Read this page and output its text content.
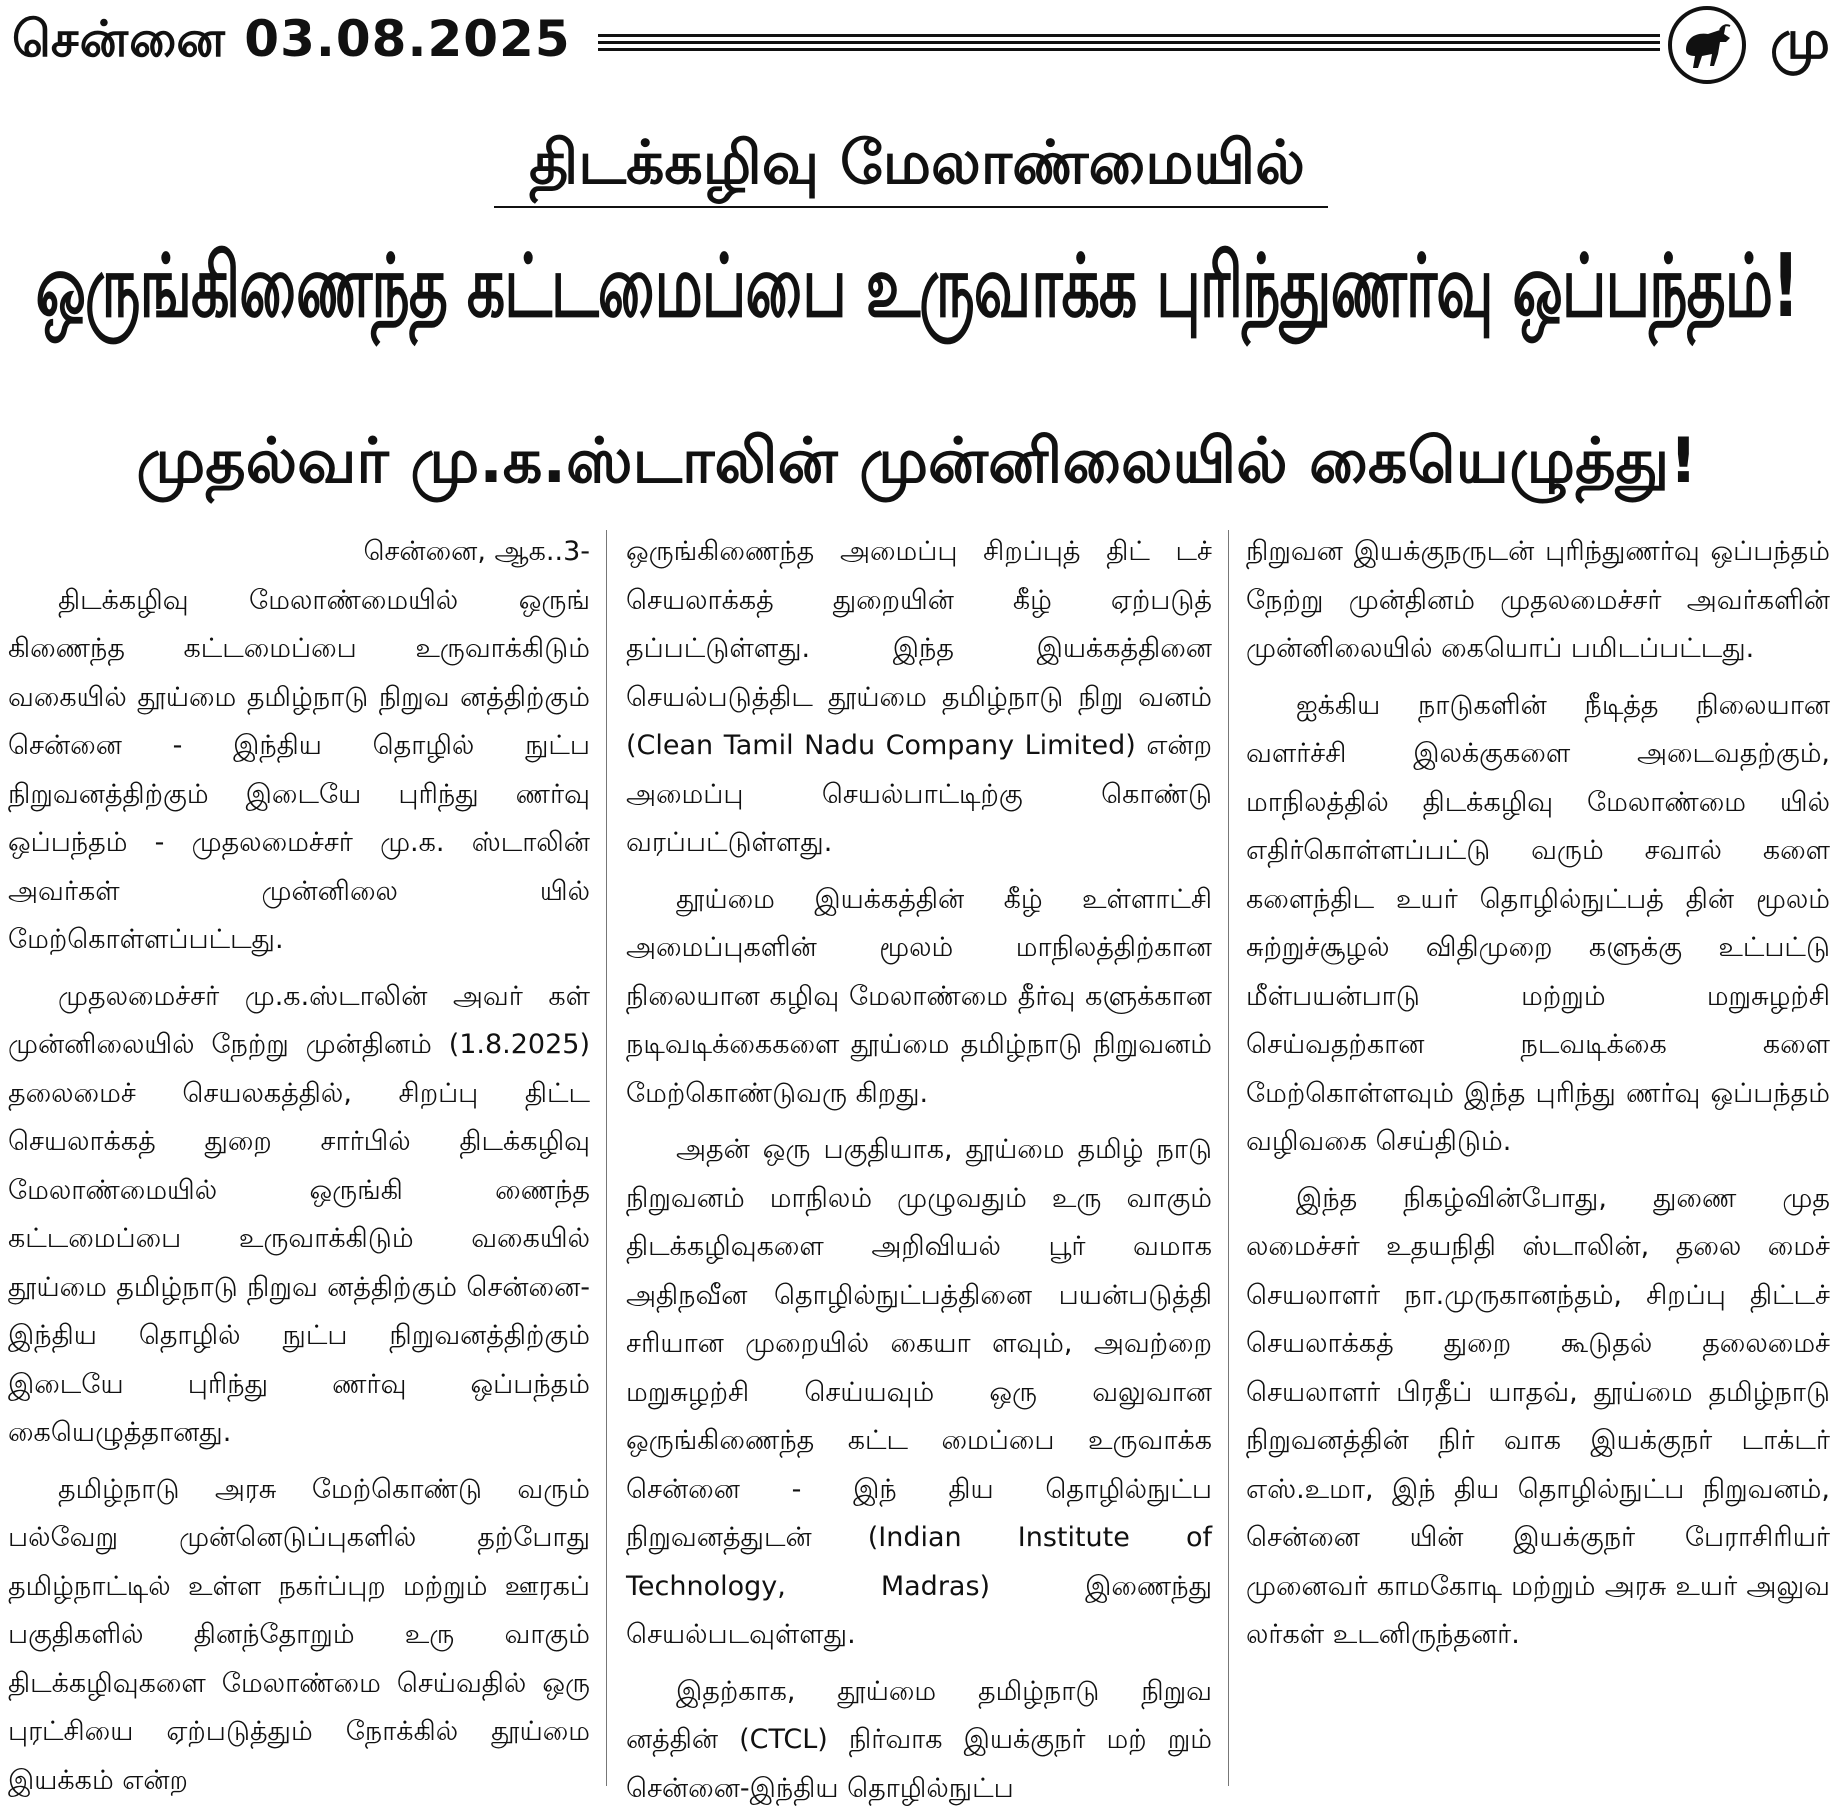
சென்னை 03.08.2025	மு
திடக்கழிவு மேலாண்மையில்
ஒருங்கிணைந்த கட்டமைப்பை உருவாக்க புரிந்துணர்வு ஒப்பந்தம்!
முதல்வர் மு.க.ஸ்டாலின் முன்னிலையில் கையெழுத்து!

சென்னை, ஆக..3-

திடக்கழிவு மேலாண்மையில் ஒருங் கிணைந்த கட்டமைப்பை உருவாக்கிடும் வகையில் தூய்மை தமிழ்நாடு நிறுவ னத்திற்கும் சென்னை - இந்திய தொழில் நுட்ப நிறுவனத்திற்கும் இடையே புரிந்து ணர்வு ஒப்பந்தம் - முதலமைச்சர் மு.க. ஸ்டாலின் அவர்கள் முன்னிலை யில் மேற்கொள்ளப்பட்டது.

முதலமைச்சர் மு.க.ஸ்டாலின் அவர் கள் முன்னிலையில் நேற்று முன்தினம் (1.8.2025) தலைமைச் செயலகத்தில், சிறப்பு திட்ட செயலாக்கத் துறை சார்பில் திடக்கழிவு மேலாண்மையில் ஒருங்கி ணைந்த கட்டமைப்பை உருவாக்கிடும் வகையில் தூய்மை தமிழ்நாடு நிறுவ னத்திற்கும் சென்னை-இந்திய தொழில் நுட்ப நிறுவனத்திற்கும் இடையே புரிந்து ணர்வு ஒப்பந்தம் கையெழுத்தானது.

தமிழ்நாடு அரசு மேற்கொண்டு வரும் பல்வேறு முன்னெடுப்புகளில் தற்போது தமிழ்நாட்டில் உள்ள நகர்ப்புற மற்றும் ஊரகப் பகுதிகளில் தினந்தோறும் உரு வாகும் திடக்கழிவுகளை மேலாண்மை செய்வதில் ஒரு புரட்சியை ஏற்படுத்தும் நோக்கில் தூய்மை இயக்கம் என்ற

ஒருங்கிணைந்த அமைப்பு சிறப்புத் திட் டச் செயலாக்கத் துறையின் கீழ் ஏற்படுத் தப்பட்டுள்ளது. இந்த இயக்கத்தினை செயல்படுத்திட தூய்மை தமிழ்நாடு நிறு வனம் (Clean Tamil Nadu Company Limited) என்ற அமைப்பு செயல்பாட்டிற்கு கொண்டு வரப்பட்டுள்ளது.

தூய்மை இயக்கத்தின் கீழ் உள்ளாட்சி அமைப்புகளின் மூலம் மாநிலத்திற்கான நிலையான கழிவு மேலாண்மை தீர்வு களுக்கான நடிவடிக்கைகளை தூய்மை தமிழ்நாடு நிறுவனம் மேற்கொண்டுவரு கிறது.

அதன் ஒரு பகுதியாக, தூய்மை தமிழ் நாடு நிறுவனம் மாநிலம் முழுவதும் உரு வாகும் திடக்கழிவுகளை அறிவியல் பூர் வமாக அதிநவீன தொழில்நுட்பத்தினை பயன்படுத்தி சரியான முறையில் கையா ளவும், அவற்றை மறுசுழற்சி செய்யவும் ஒரு வலுவான ஒருங்கிணைந்த கட்ட மைப்பை உருவாக்க சென்னை - இந் திய தொழில்நுட்ப நிறுவனத்துடன் (Indian Institute of Technology, Madras) இணைந்து செயல்படவுள்ளது.

இதற்காக, தூய்மை தமிழ்நாடு நிறுவ னத்தின் (CTCL) நிர்வாக இயக்குநர் மற் றும் சென்னை-இந்திய தொழில்நுட்ப

நிறுவன இயக்குநருடன் புரிந்துணர்வு ஒப்பந்தம் நேற்று முன்தினம் முதலமைச்சர் அவர்களின் முன்னிலையில் கையொப் பமிடப்பட்டது.

ஐக்கிய நாடுகளின் நீடித்த நிலையான வளர்ச்சி இலக்குகளை அடைவதற்கும், மாநிலத்தில் திடக்கழிவு மேலாண்மை யில் எதிர்கொள்ளப்பட்டு வரும் சவால் களை களைந்திட உயர் தொழில்நுட்பத் தின் மூலம் சுற்றுச்சூழல் விதிமுறை களுக்கு உட்பட்டு மீள்பயன்பாடு மற்றும் மறுசுழற்சி செய்வதற்கான நடவடிக்கை களை மேற்கொள்ளவும் இந்த புரிந்து ணர்வு ஒப்பந்தம் வழிவகை செய்திடும்.

இந்த நிகழ்வின்போது, துணை முத லமைச்சர் உதயநிதி ஸ்டாலின், தலை மைச் செயலாளர் நா.முருகானந்தம், சிறப்பு திட்டச் செயலாக்கத் துறை கூடுதல் தலைமைச் செயலாளர் பிரதீப் யாதவ், தூய்மை தமிழ்நாடு நிறுவனத்தின் நிர் வாக இயக்குநர் டாக்டர் எஸ்.உமா, இந் திய தொழில்நுட்ப நிறுவனம், சென்னை யின் இயக்குநர் பேராசிரியர் முனைவர் காமகோடி மற்றும் அரசு உயர் அலுவ லர்கள் உடனிருந்தனர்.
